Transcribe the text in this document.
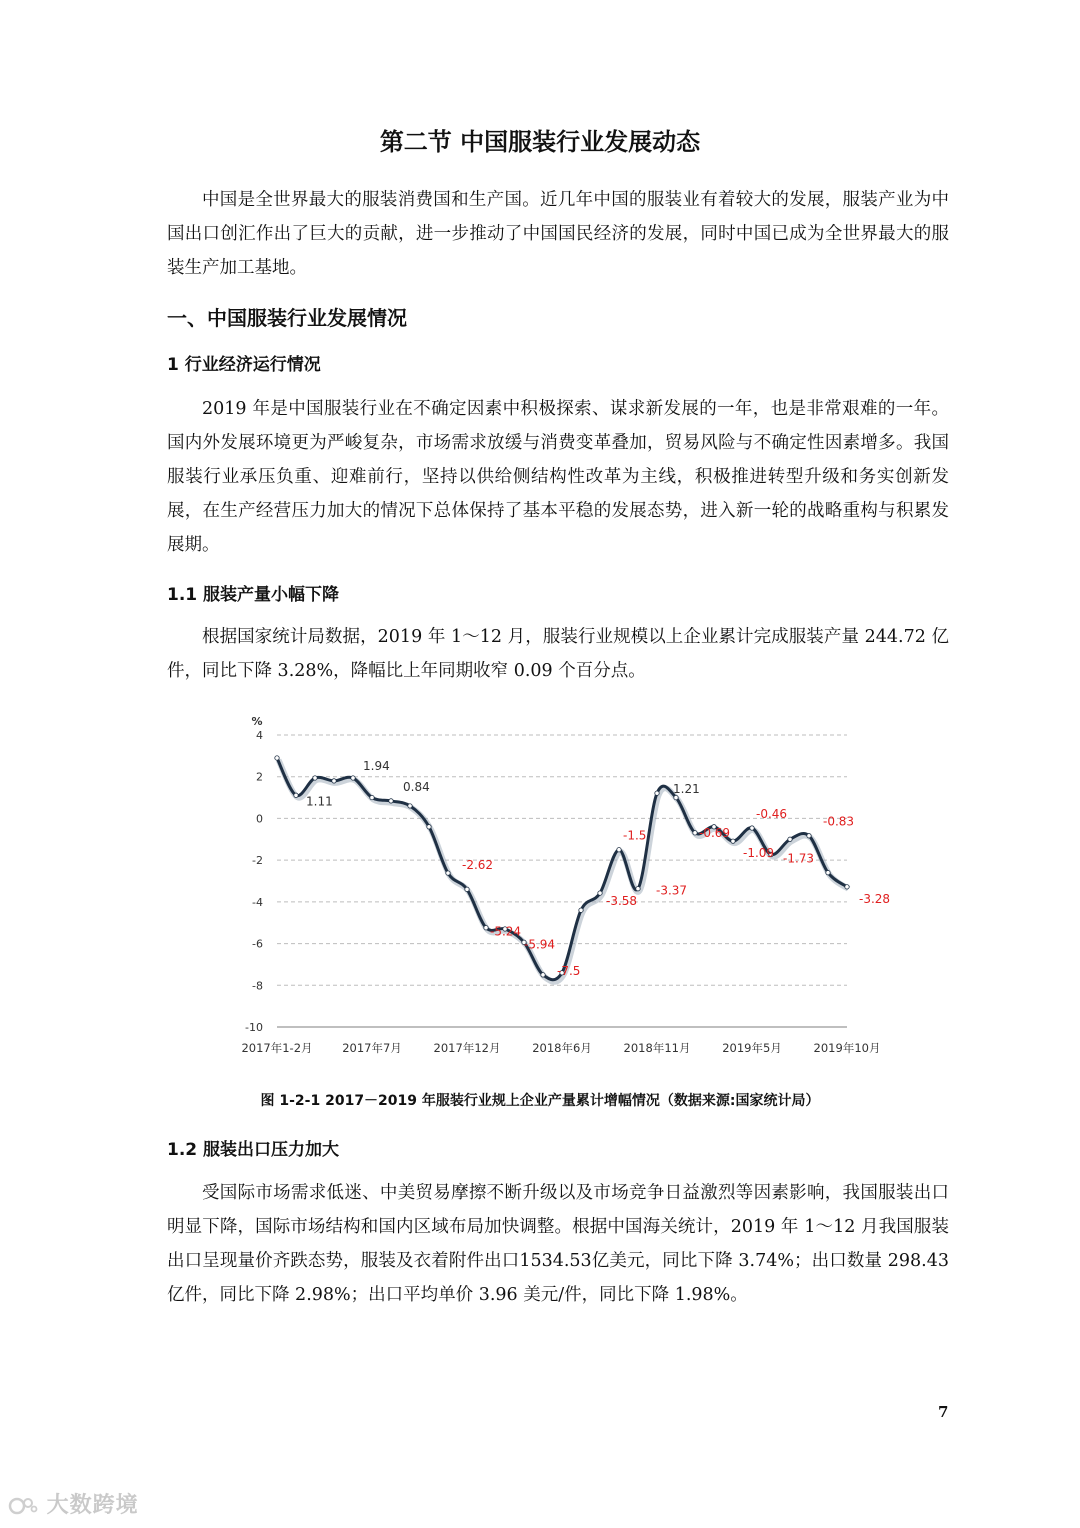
第二节 中国服装行业发展动态

中国是全世界最大的服装消费国和生产国。近几年中国的服装业有着较大的发展，服装产业为中国出口创汇作出了巨大的贡献，进一步推动了中国国民经济的发展，同时中国已成为全世界最大的服装生产加工基地。

一、中国服装行业发展情况
1 行业经济运行情况

2019 年是中国服装行业在不确定因素中积极探索、谋求新发展的一年，也是非常艰难的一年。国内外发展环境更为严峻复杂，市场需求放缓与消费变革叠加，贸易风险与不确定性因素增多。我国服装行业承压负重、迎难前行，坚持以供给侧结构性改革为主线，积极推进转型升级和务实创新发展，在生产经营压力加大的情况下总体保持了基本平稳的发展态势，进入新一轮的战略重构与积累发展期。

1.1 服装产量小幅下降

根据国家统计局数据，2019 年 1～12 月，服装行业规模以上企业累计完成服装产量 244.72 亿件，同比下降 3.28%，降幅比上年同期收窄 0.09 个百分点。

4
2
0
-2
-4
-6
-8
-10
%
2017年1-2月	2017年7月	2017年12月	2018年6月	2018年11月	2019年5月	2019年10月
1.11
1.94
0.84
-2.62
-5.24
-5.94
-7.5
-3.58
-1.5
-3.37
1.21
-0.69
-1.09
-0.46
-1.73
-0.83
-3.28

图 1-2-1 2017－2019 年服装行业规上企业产量累计增幅情况（数据来源:国家统计局）

1.2 服装出口压力加大

受国际市场需求低迷、中美贸易摩擦不断升级以及市场竞争日益激烈等因素影响，我国服装出口明显下降，国际市场结构和国内区域布局加快调整。根据中国海关统计，2019 年 1～12 月我国服装出口呈现量价齐跌态势，服装及衣着附件出口1534.53亿美元，同比下降 3.74%；出口数量 298.43 亿件，同比下降 2.98%；出口平均单价 3.96 美元/件，同比下降 1.98%。

7
大数跨境
